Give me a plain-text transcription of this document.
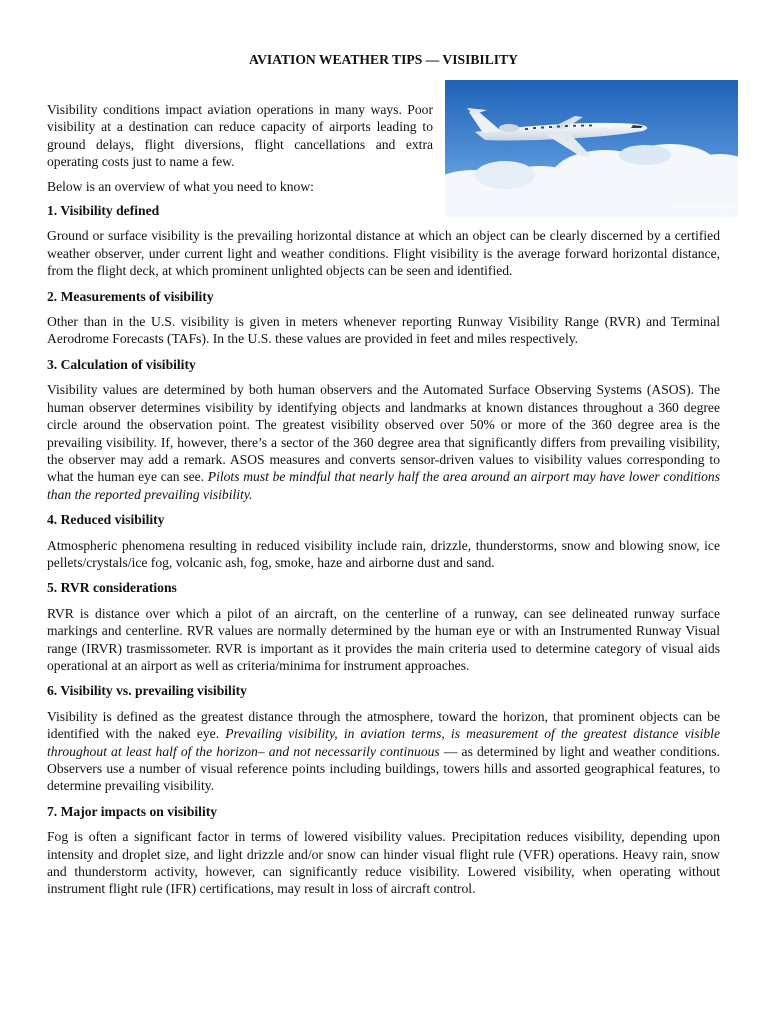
AVIATION WEATHER TIPS — VISIBILITY
AviationWeatherTips

Visibility conditions impact aviation operations in many ways. Poor visibility at a destination can reduce capacity of airports leading to ground delays, flight diversions, flight cancellations and extra operating costs just to name a few.

Below is an overview of what you need to know:

1. Visibility defined

Ground or surface visibility is the prevailing horizontal distance at which an object can be clearly discerned by a certified weather observer, under current light and weather conditions. Flight visibility is the average forward horizontal distance, from the flight deck, at which prominent unlighted objects can be seen and identified.

2. Measurements of visibility

Other than in the U.S. visibility is given in meters whenever reporting Runway Visibility Range (RVR) and Terminal Aerodrome Forecasts (TAFs). In the U.S. these values are provided in feet and miles respectively.

3. Calculation of visibility

Visibility values are determined by both human observers and the Automated Surface Observing Systems (ASOS). The human observer determines visibility by identifying objects and landmarks at known distances throughout a 360 degree circle around the observation point. The greatest visibility observed over 50% or more of the 360 degree area is the prevailing visibility. If, however, there’s a sector of the 360 degree area that significantly differs from prevailing visibility, the observer may add a remark. ASOS measures and converts sensor-driven values to visibility values corresponding to what the human eye can see. Pilots must be mindful that nearly half the area around an airport may have lower conditions than the reported prevailing visibility.

4. Reduced visibility

Atmospheric phenomena resulting in reduced visibility include rain, drizzle, thunderstorms, snow and blowing snow, ice pellets/crystals/ice fog, volcanic ash, fog, smoke, haze and airborne dust and sand.

5. RVR considerations

RVR is distance over which a pilot of an aircraft, on the centerline of a runway, can see delineated runway surface markings and centerline. RVR values are normally determined by the human eye or with an Instrumented Runway Visual range (IRVR) trasmissometer. RVR is important as it provides the main criteria used to determine category of visual aids operational at an airport as well as criteria/minima for instrument approaches.

6. Visibility vs. prevailing visibility

Visibility is defined as the greatest distance through the atmosphere, toward the horizon, that prominent objects can be identified with the naked eye. Prevailing visibility, in aviation terms, is measurement of the greatest distance visible throughout at least half of the horizon– and not necessarily continuous — as determined by light and weather conditions. Observers use a number of visual reference points including buildings, towers hills and assorted geographical features, to determine prevailing visibility.

7. Major impacts on visibility

Fog is often a significant factor in terms of lowered visibility values. Precipitation reduces visibility, depending upon intensity and droplet size, and light drizzle and/or snow can hinder visual flight rule (VFR) operations. Heavy rain, snow and thunderstorm activity, however, can significantly reduce visibility. Lowered visibility, when operating without instrument flight rule (IFR) certifications, may result in loss of aircraft control.
